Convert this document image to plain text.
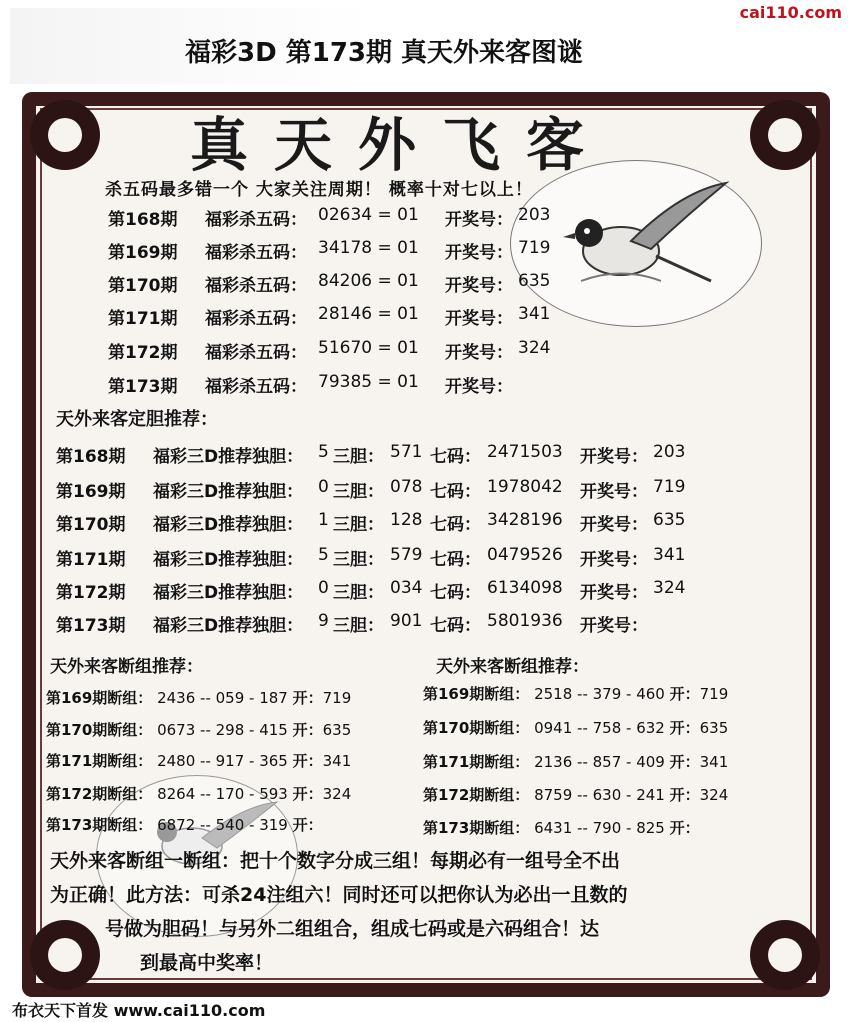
福彩3D 第173期 真天外来客图谜
cai110.com
真天外飞客
杀五码最多错一个 大家关注周期！ 概率十对七以上！
第168期 福彩杀五码： 02634 = 01 开奖号： 203
第169期 福彩杀五码： 34178 = 01 开奖号： 719
第170期 福彩杀五码： 84206 = 01 开奖号： 635
第171期 福彩杀五码： 28146 = 01 开奖号： 341
第172期 福彩杀五码： 51670 = 01 开奖号： 324
第173期 福彩杀五码： 79385 = 01 开奖号：
天外来客定胆推荐：
第168期 福彩三D推荐独胆： 5 三胆： 571 七码： 2471503 开奖号： 203
第169期 福彩三D推荐独胆： 0 三胆： 078 七码： 1978042 开奖号： 719
第170期 福彩三D推荐独胆： 1 三胆： 128 七码： 3428196 开奖号： 635
第171期 福彩三D推荐独胆： 5 三胆： 579 七码： 0479526 开奖号： 341
第172期 福彩三D推荐独胆： 0 三胆： 034 七码： 6134098 开奖号： 324
第173期 福彩三D推荐独胆： 9 三胆： 901 七码： 5801936 开奖号：
天外来客断组推荐：
第169期断组： 2436 -- 059 - 187 开：719
第170期断组： 0673 -- 298 - 415 开：635
第171期断组： 2480 -- 917 - 365 开：341
第172期断组： 8264 -- 170 - 593 开：324
第173期断组： 6872 -- 540 - 319 开：
天外来客断组推荐：
第169期断组： 2518 -- 379 - 460 开：719
第170期断组： 0941 -- 758 - 632 开：635
第171期断组： 2136 -- 857 - 409 开：341
第172期断组： 8759 -- 630 - 241 开：324
第173期断组： 6431 -- 790 - 825 开：
天外来客断组一断组：把十个数字分成三组！每期必有一组号全不出
为正确！此方法：可杀24注组六！同时还可以把你认为必出一且数的
号做为胆码！与另外二组组合，组成七码或是六码组合！达
到最高中奖率！
布衣天下首发 www.cai110.com
